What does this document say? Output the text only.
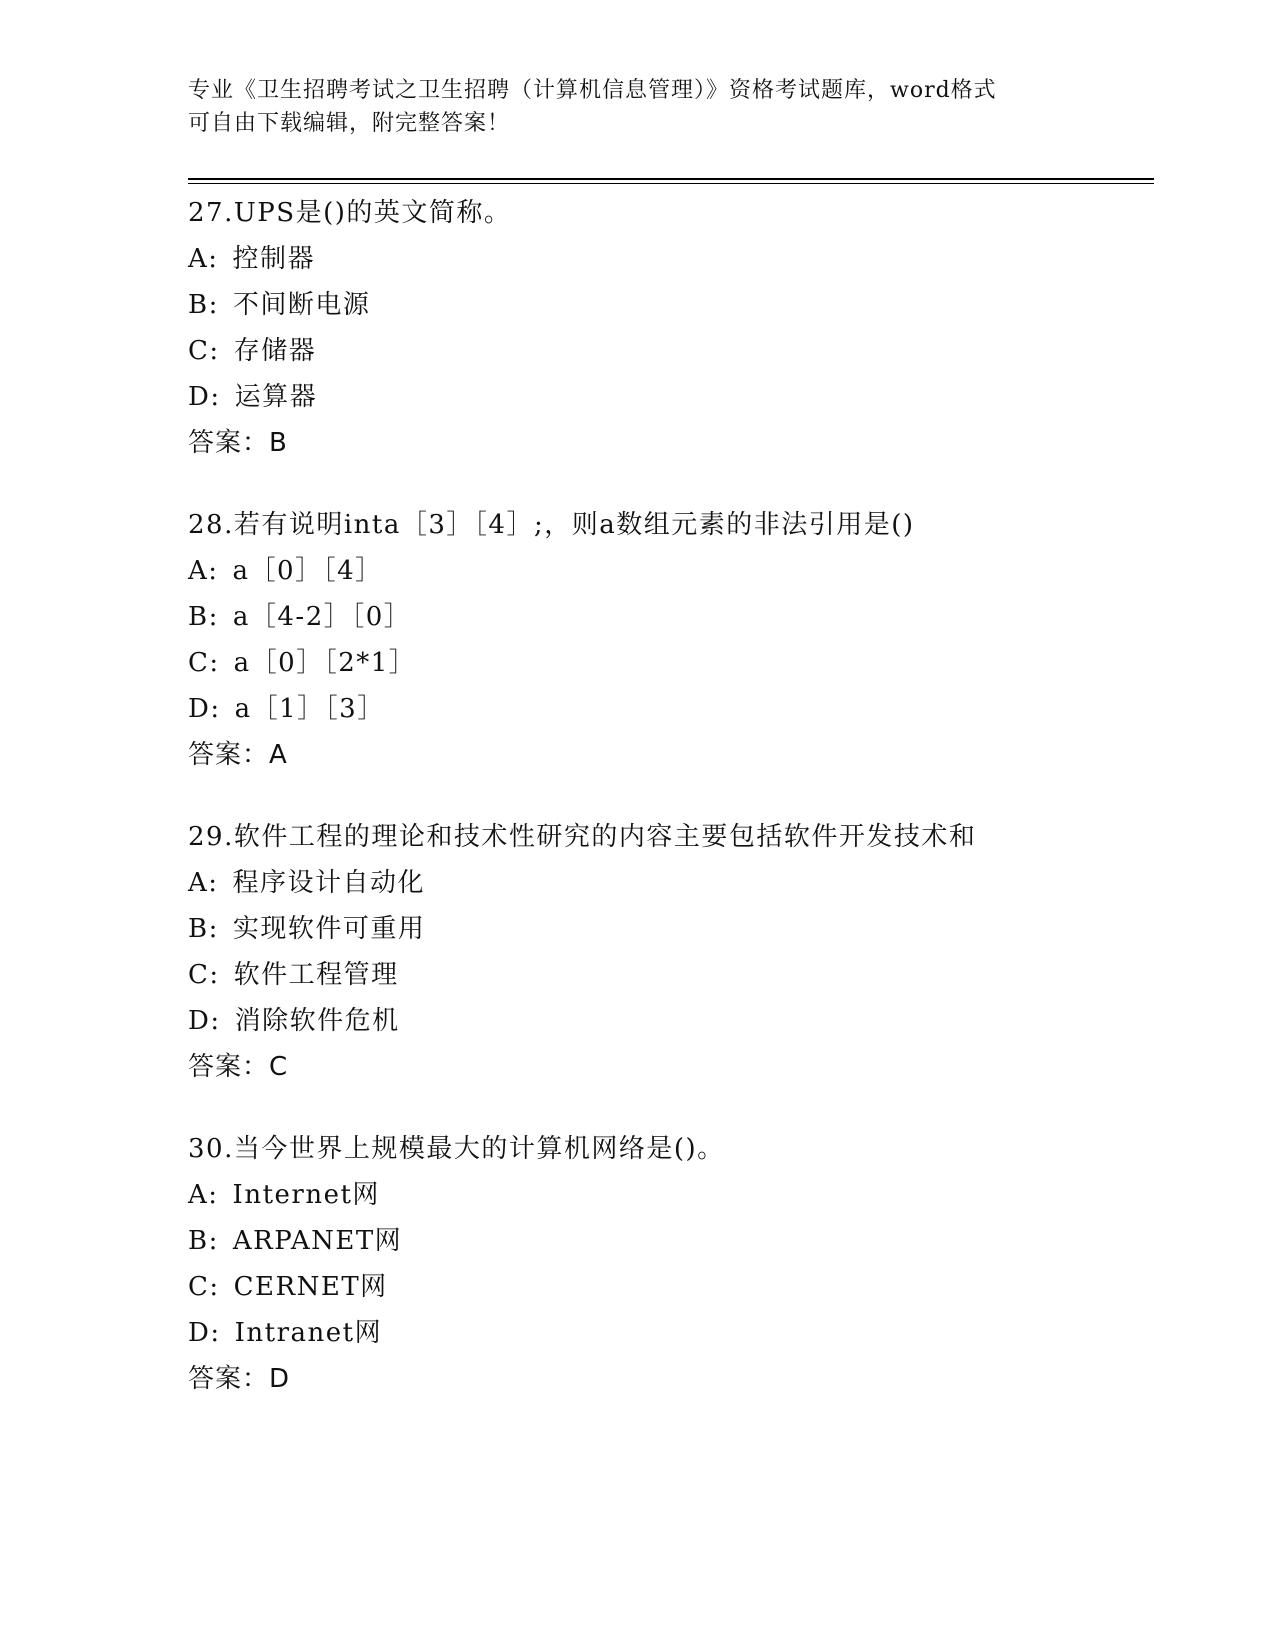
专业《卫生招聘考试之卫生招聘（计算机信息管理）》资格考试题库，word格式
可自由下载编辑，附完整答案！
27.UPS是()的英文简称。
A: 控制器
B: 不间断电源
C: 存储器
D: 运算器
答案：B
28.若有说明inta［3］［4］;，则a数组元素的非法引用是()
A: a［0］［4］
B: a［4-2］［0］
C: a［0］［2*1］
D: a［1］［3］
答案：A
29.软件工程的理论和技术性研究的内容主要包括软件开发技术和
A: 程序设计自动化
B: 实现软件可重用
C: 软件工程管理
D: 消除软件危机
答案：C
30.当今世界上规模最大的计算机网络是()。
A: Internet网
B: ARPANET网
C: CERNET网
D: Intranet网
答案：D
